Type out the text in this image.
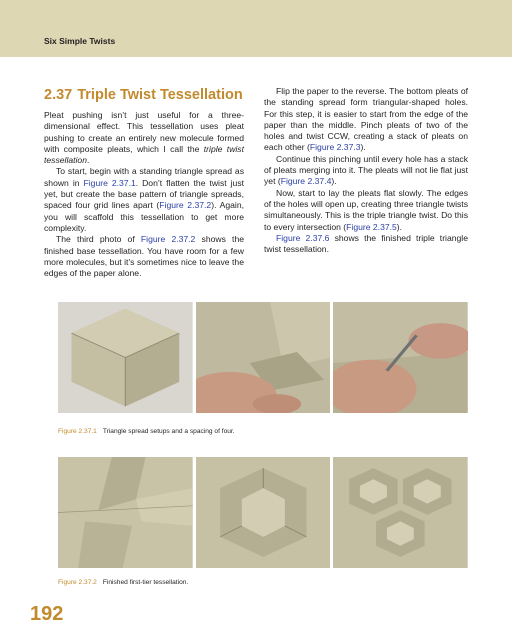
Six Simple Twists
2.37 Triple Twist Tessellation

Pleat pushing isn’t just useful for a three-dimensional effect. This tessellation uses pleat pushing to create an entirely new molecule formed with composite pleats, which I call the triple twist tessellation.

To start, begin with a standing triangle spread as shown in Figure 2.37.1. Don’t flatten the twist just yet, but create the base pattern of triangle spreads, spaced four grid lines apart (Figure 2.37.2). Again, you will scaffold this tessellation to get more complexity.

The third photo of Figure 2.37.2 shows the finished base tessellation. You have room for a few more molecules, but it’s sometimes nice to leave the edges of the paper alone.

Flip the paper to the reverse. The bottom pleats of the standing spread form triangular-shaped holes. For this step, it is easier to start from the edge of the paper than the middle. Pinch pleats of two of the holes and twist CCW, creating a stack of pleats on each other (Figure 2.37.3).

Continue this pinching until every hole has a stack of pleats merging into it. The pleats will not lie flat just yet (Figure 2.37.4).

Now, start to lay the pleats flat slowly. The edges of the holes will open up, creating three triangle twists simultaneously. This is the triple triangle twist. Do this to every intersection (Figure 2.37.5).

Figure 2.37.6 shows the finished triple triangle twist tessellation.

Figure 2.37.1 Triangle spread setups and a spacing of four.
Figure 2.37.2 Finished first-tier tessellation.
192
